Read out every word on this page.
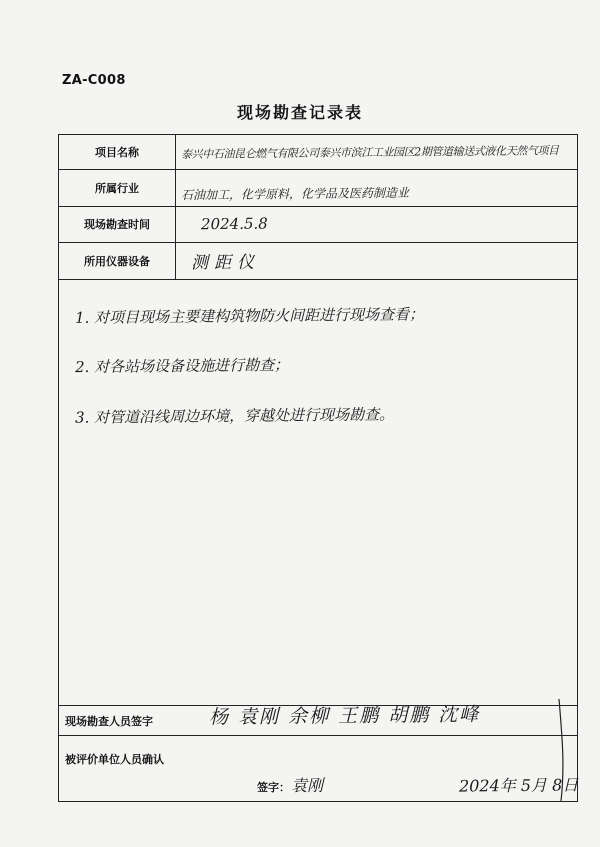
ZA-C008
现场勘查记录表
项目名称	泰兴中石油昆仑燃气有限公司泰兴市滨江工业园区2期管道输送式液化天然气项目
所属行业	石油加工，化学原料，化学品及医药制造业
现场勘查时间	2024.5.8
所用仪器设备	测距仪
1. 对项目现场主要建构筑物防火间距进行现场查看；
2. 对各站场设备设施进行勘查；
3. 对管道沿线周边环境，穿越处进行现场勘查。
现场勘查人员签字	杨 袁刚 余柳 王鹏 胡鹏 沈峰
被评价单位人员确认
签字： 袁刚	2024年 5月 8日
